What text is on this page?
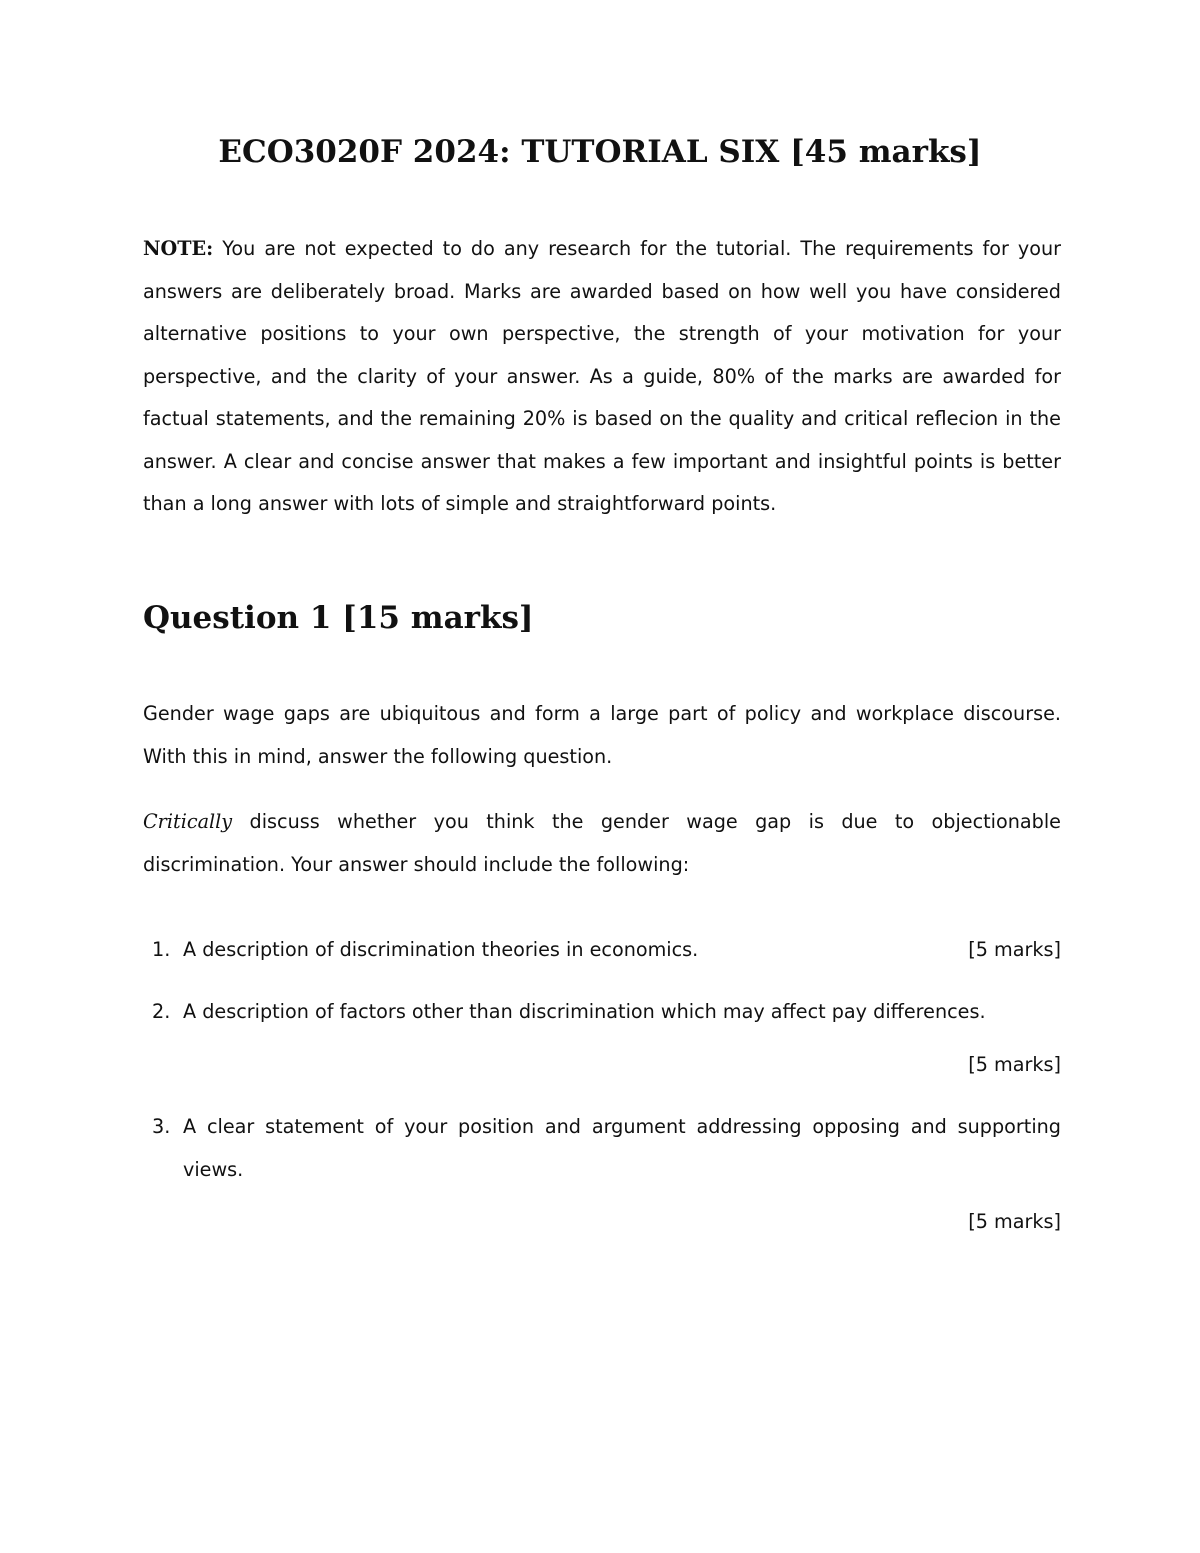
ECO3020F 2024: TUTORIAL SIX [45 marks]

NOTE: You are not expected to do any research for the tutorial. The requirements for your answers are deliberately broad. Marks are awarded based on how well you have considered alternative positions to your own perspective, the strength of your motivation for your perspective, and the clarity of your answer. As a guide, 80% of the marks are awarded for factual statements, and the remaining 20% is based on the quality and critical reflecion in the answer. A clear and concise answer that makes a few important and insightful points is better than a long answer with lots of simple and straightforward points.

Question 1 [15 marks]

Gender wage gaps are ubiquitous and form a large part of policy and workplace discourse. With this in mind, answer the following question.

Critically discuss whether you think the gender wage gap is due to objectionable discrimination. Your answer should include the following:

1. A description of discrimination theories in economics.	[5 marks]
2. A description of factors other than discrimination which may affect pay differences.
[5 marks]
3. A clear statement of your position and argument addressing opposing and supporting views.
[5 marks]
